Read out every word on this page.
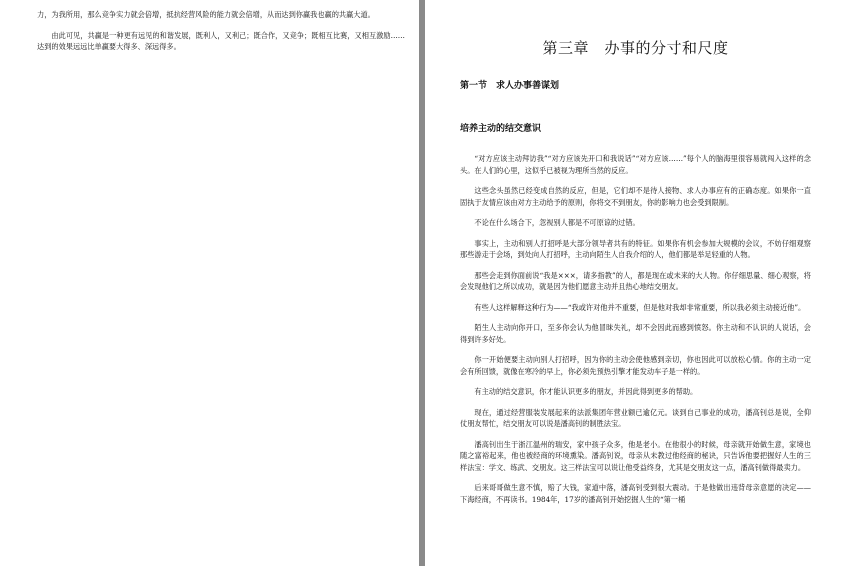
力，为我所用，那么竞争实力就会倍增，抵抗经营风险的能力就会倍增，从而达到你赢我也赢的共赢大道。

由此可见，共赢是一种更有远见的和谐发展，既利人，又利己；既合作，又竞争；既相互比赛，又相互激励……达到的效果远远比单赢要大得多、深远得多。	第三章　办事的分寸和尺度
第一节　求人办事善谋划
培养主动的结交意识

“对方应该主动拜访我”“对方应该先开口和我说话”“对方应该……”每个人的脑海里很容易就闯入这样的念头。在人们的心里，这似乎已被视为理所当然的反应。

这些念头虽然已经变成自然的反应，但是，它们却不是待人接物、求人办事应有的正确态度。如果你一直固执于友情应该由对方主动给予的原则，你将交不到朋友，你的影响力也会受到限制。

不论在什么场合下，忽视别人都是不可原谅的过错。

事实上，主动和别人打招呼是大部分领导者共有的特征。如果你有机会参加大规模的会议，不妨仔细观察那些游走于会场，到处向人打招呼，主动向陌生人自我介绍的人，他们都是举足轻重的人物。

那些会走到你面前说“我是×××，请多指教”的人，都是现在或未来的大人物。你仔细思量、细心观察，将会发现他们之所以成功，就是因为他们愿意主动并且热心地结交朋友。

有些人这样解释这种行为——“我或许对他并不重要，但是他对我却非常重要，所以我必须主动接近他”。

陌生人主动向你开口，至多你会认为他冒昧失礼，却不会因此而感到愤怒。你主动和不认识的人说话，会得到许多好处。

你一开始便要主动向别人打招呼，因为你的主动会使他感到亲切，你也因此可以放松心情。你的主动一定会有所回馈，就像在寒冷的早上，你必须先预热引擎才能发动车子是一样的。

有主动的结交意识，你才能认识更多的朋友，并因此得到更多的帮助。

现在，通过经营服装发展起来的法派集团年营业额已逾亿元。谈到自己事业的成功，潘高钊总是说，全仰仗朋友帮忙，结交朋友可以说是潘高钊的制胜法宝。

潘高钊出生于浙江温州的瑞安，家中孩子众多，他是老小。在他很小的时候，母亲就开始做生意，家境也随之富裕起来，他也被经商的环境熏染。潘高钊说，母亲从未教过他经商的秘诀，只告诉他要把握好人生的三样法宝：学文、练武、交朋友。这三样法宝可以说让他受益终身，尤其是交朋友这一点，潘高钊做得最卖力。

后来哥哥做生意不慎，赔了大钱，家道中落，潘高钊受到很大震动。于是他做出违背母亲意愿的决定——下海经商，不再读书。1984年，17岁的潘高钊开始挖掘人生的“第一桶
